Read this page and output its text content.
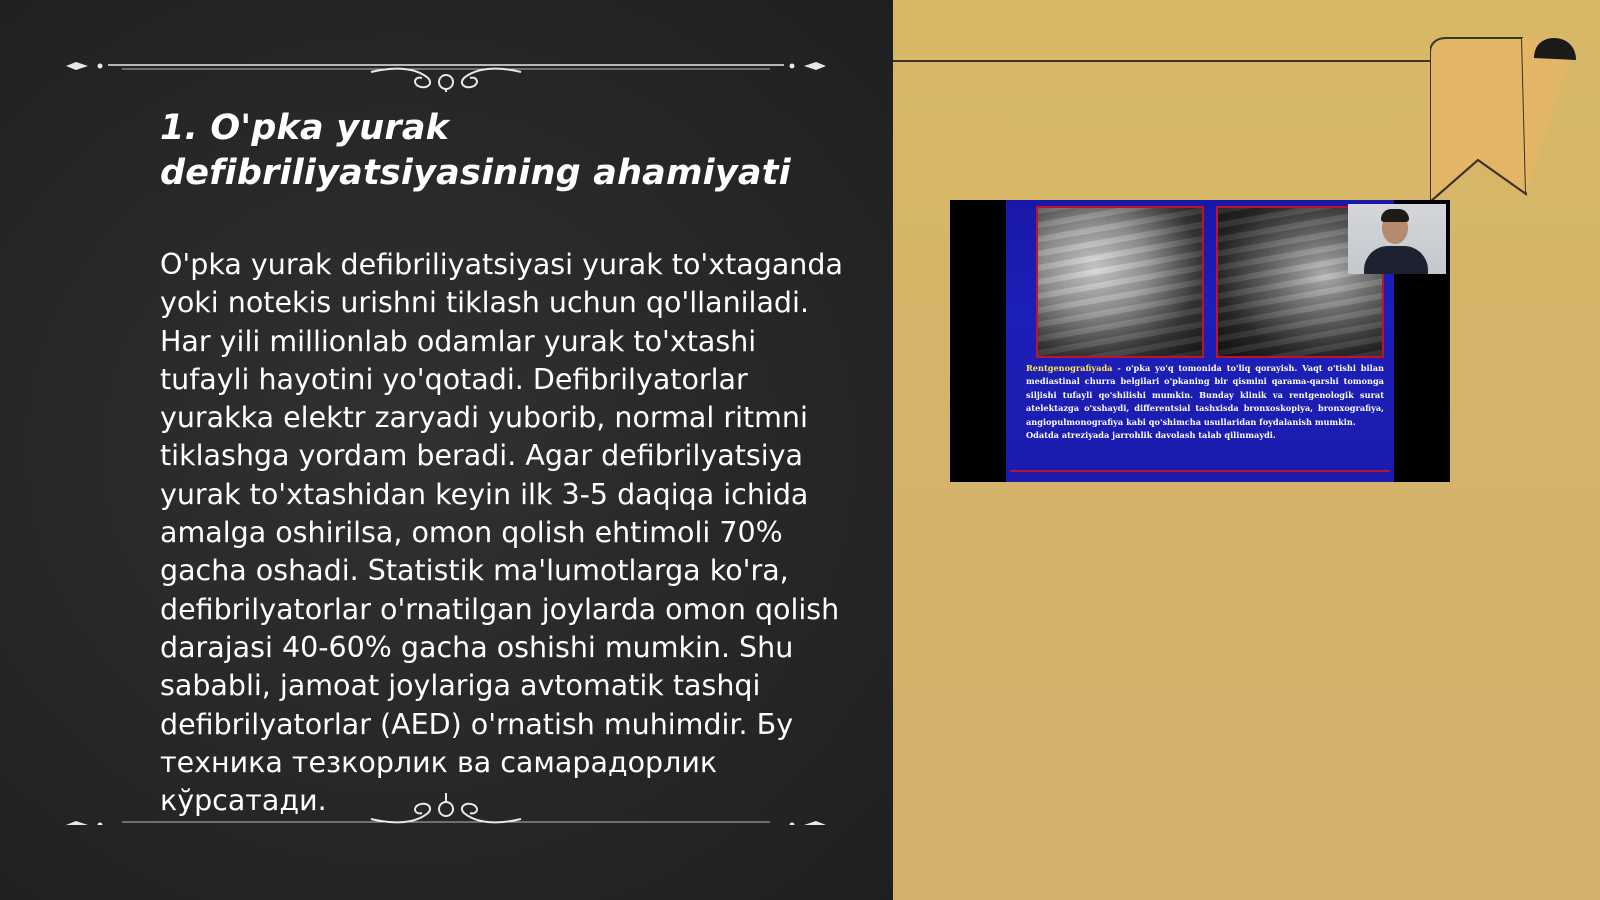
1. O'pka yurak defibriliyatsiyasining ahamiyati

O'pka yurak defibriliyatsiyasi yurak to'xtaganda yoki notekis urishni tiklash uchun qo'llaniladi. Har yili millionlab odamlar yurak to'xtashi tufayli hayotini yo'qotadi. Defibrilyatorlar yurakka elektr zaryadi yuborib, normal ritmni tiklashga yordam beradi. Agar defibrilyatsiya yurak to'xtashidan keyin ilk 3-5 daqiqa ichida amalga oshirilsa, omon qolish ehtimoli 70% gacha oshadi. Statistik ma'lumotlarga ko'ra, defibrilyatorlar o'rnatilgan joylarda omon qolish darajasi 40-60% gacha oshishi mumkin. Shu sababli, jamoat joylariga avtomatik tashqi defibrilyatorlar (AED) o'rnatish muhimdir. Бу техника тезкорлик ва самарадорлик кўрсатади.

Rentgenografiyada - o'pka yo'q tomonida to'liq qorayish. Vaqt o'tishi bilan mediastinal churra belgilari o'pkaning bir qismini qarama-qarshi tomonga siljishi tufayli qo'shilishi mumkin. Bunday klinik va rentgenologik surat atelektazga o'xshaydi, differentsial tashxisda bronxoskopiya, bronxografiya, angiopulmonografiya kabi qo'shimcha usullaridan foydalanish mumkin.
Odatda atreziyada jarrohlik davolash talab qilinmaydi.
